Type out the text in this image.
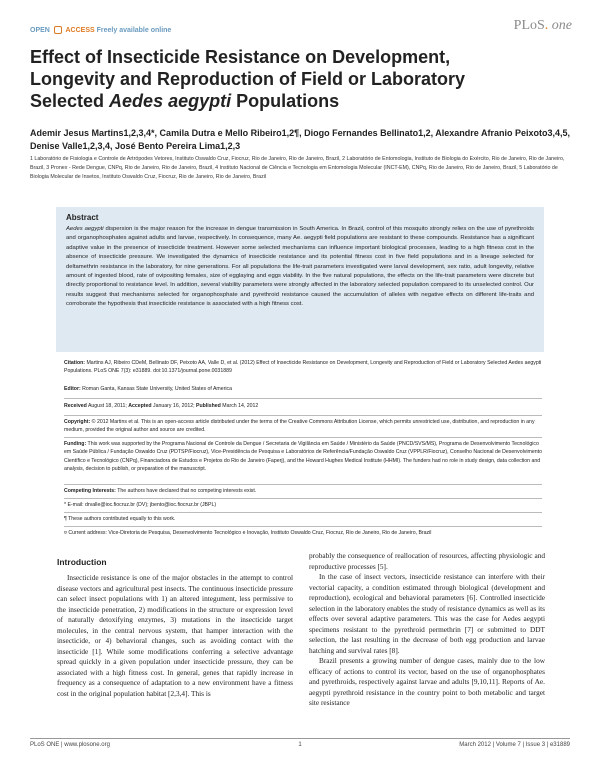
OPEN ACCESS Freely available online	PLoS. one
Effect of Insecticide Resistance on Development,
Longevity and Reproduction of Field or Laboratory
Selected Aedes aegypti Populations
Ademir Jesus Martins1,2,3,4*, Camila Dutra e Mello Ribeiro1,2¶, Diogo Fernandes Bellinato1,2, Alexandre Afranio Peixoto3,4,5, Denise Valle1,2,3,4, José Bento Pereira Lima1,2,3
1 Laboratório de Fisiologia e Controle de Artrópodes Vetores, Instituto Oswaldo Cruz, Fiocruz, Rio de Janeiro, Rio de Janeiro, Brazil, 2 Laboratório de Entomologia, Instituto de Biologia do Exército, Rio de Janeiro, Rio de Janeiro, Brazil, 3 Pronex - Rede Dengue, CNPq, Rio de Janeiro, Rio de Janeiro, Brazil, 4 Instituto Nacional de Ciência e Tecnologia em Entomologia Molecular (INCT-EM), CNPq, Rio de Janeiro, Rio de Janeiro, Brazil, 5 Laboratório de Biologia Molecular de Insetos, Instituto Oswaldo Cruz, Fiocruz, Rio de Janeiro, Rio de Janeiro, Brazil
Abstract

Aedes aegypti dispersion is the major reason for the increase in dengue transmission in South America. In Brazil, control of this mosquito strongly relies on the use of pyrethroids and organophosphates against adults and larvae, respectively. In consequence, many Ae. aegypti field populations are resistant to these compounds. Resistance has a significant adaptive value in the presence of insecticide treatment. However some selected mechanisms can influence important biological processes, leading to a high fitness cost in the absence of insecticide pressure. We investigated the dynamics of insecticide resistance and its potential fitness cost in five field populations and in a lineage selected for deltamethrin resistance in the laboratory, for nine generations. For all populations the life-trait parameters investigated were larval development, sex ratio, adult longevity, relative amount of ingested blood, rate of ovipositing females, size of egglaying and eggs viability. In the five natural populations, the effects on the life-trait parameters were discrete but directly proportional to resistance level. In addition, several viability parameters were strongly affected in the laboratory selected population compared to its unselected control. Our results suggest that mechanisms selected for organophosphate and pyrethroid resistance caused the accumulation of alleles with negative effects on different life-traits and corroborate the hypothesis that insecticide resistance is associated with a high fitness cost.

Citation: Martins AJ, Ribeiro CDeM, Bellinato DF, Peixoto AA, Valle D, et al. (2012) Effect of Insecticide Resistance on Development, Longevity and Reproduction of Field or Laboratory Selected Aedes aegypti Populations. PLoS ONE 7(3): e31889. doi:10.1371/journal.pone.0031889
Editor: Roman Ganta, Kansas State University, United States of America
Received August 18, 2011; Accepted January 16, 2012; Published March 14, 2012
Copyright: © 2012 Martins et al. This is an open-access article distributed under the terms of the Creative Commons Attribution License, which permits unrestricted use, distribution, and reproduction in any medium, provided the original author and source are credited.
Funding: This work was supported by the Programa Nacional de Controle da Dengue / Secretaria de Vigilância em Saúde / Ministério da Saúde (PNCD/SVS/MS), Programa de Desenvolvimento Tecnológico em Saúde Pública / Fundação Oswaldo Cruz (PDTSP/Fiocruz), Vice-Presidência de Pesquisa e Laboratórios de Referência/Fundação Oswaldo Cruz (VPPLR/Fiocruz), Conselho Nacional de Desenvolvimento Científico e Tecnológico (CNPq), Financiadora de Estudos e Projetos do Rio de Janeiro (Faperj), and the Howard Hughes Medical Institute (HHMI). The funders had no role in study design, data collection and analysis, decision to publish, or preparation of the manuscript.
Competing Interests: The authors have declared that no competing interests exist.
* E-mail: drvalle@ioc.fiocruz.br (DV); jbento@ioc.fiocruz.br (JBPL)
¶ These authors contributed equally to this work.
¤ Current address: Vice-Diretoria de Pesquisa, Desenvolvimento Tecnológico e Inovação, Instituto Oswaldo Cruz, Fiocruz, Rio de Janeiro, Rio de Janeiro, Brazil
Introduction

Insecticide resistance is one of the major obstacles in the attempt to control disease vectors and agricultural pest insects. The continuous insecticide pressure can select insect populations with 1) an altered integument, less permissive to the insecticide penetration, 2) modifications in the structure or expression level of naturally detoxifying enzymes, 3) mutations in the insecticide target molecules, in the central nervous system, that hamper interaction with the insecticide, or 4) behavioral changes, such as avoiding contact with the insecticide [1]. While some modifications conferring a selective advantage spread quickly in a given population under insecticide pressure, they can be associated with a high fitness cost. In general, genes that rapidly increase in frequency as a consequence of adaptation to a new environment have a fitness cost in the original population habitat [2,3,4]. This is

probably the consequence of reallocation of resources, affecting physiologic and reproductive processes [5].

In the case of insect vectors, insecticide resistance can interfere with their vectorial capacity, a condition estimated through biological (development and reproduction), ecological and behavioral parameters [6]. Controlled insecticide selection in the laboratory enables the study of resistance dynamics as well as its effects over several adaptive parameters. This was the case for Aedes aegypti specimens resistant to the pyrethroid permethrin [7] or submitted to DDT selection, the last resulting in the decrease of both egg production and larvae hatching and survival rates [8].

Brazil presents a growing number of dengue cases, mainly due to the low efficacy of actions to control its vector, based on the use of organophosphates and pyrethroids, respectively against larvae and adults [9,10,11]. Reports of Ae. aegypti pyrethroid resistance in the country point to both metabolic and target site resistance

PLoS ONE | www.plosone.org	1	March 2012 | Volume 7 | Issue 3 | e31889
